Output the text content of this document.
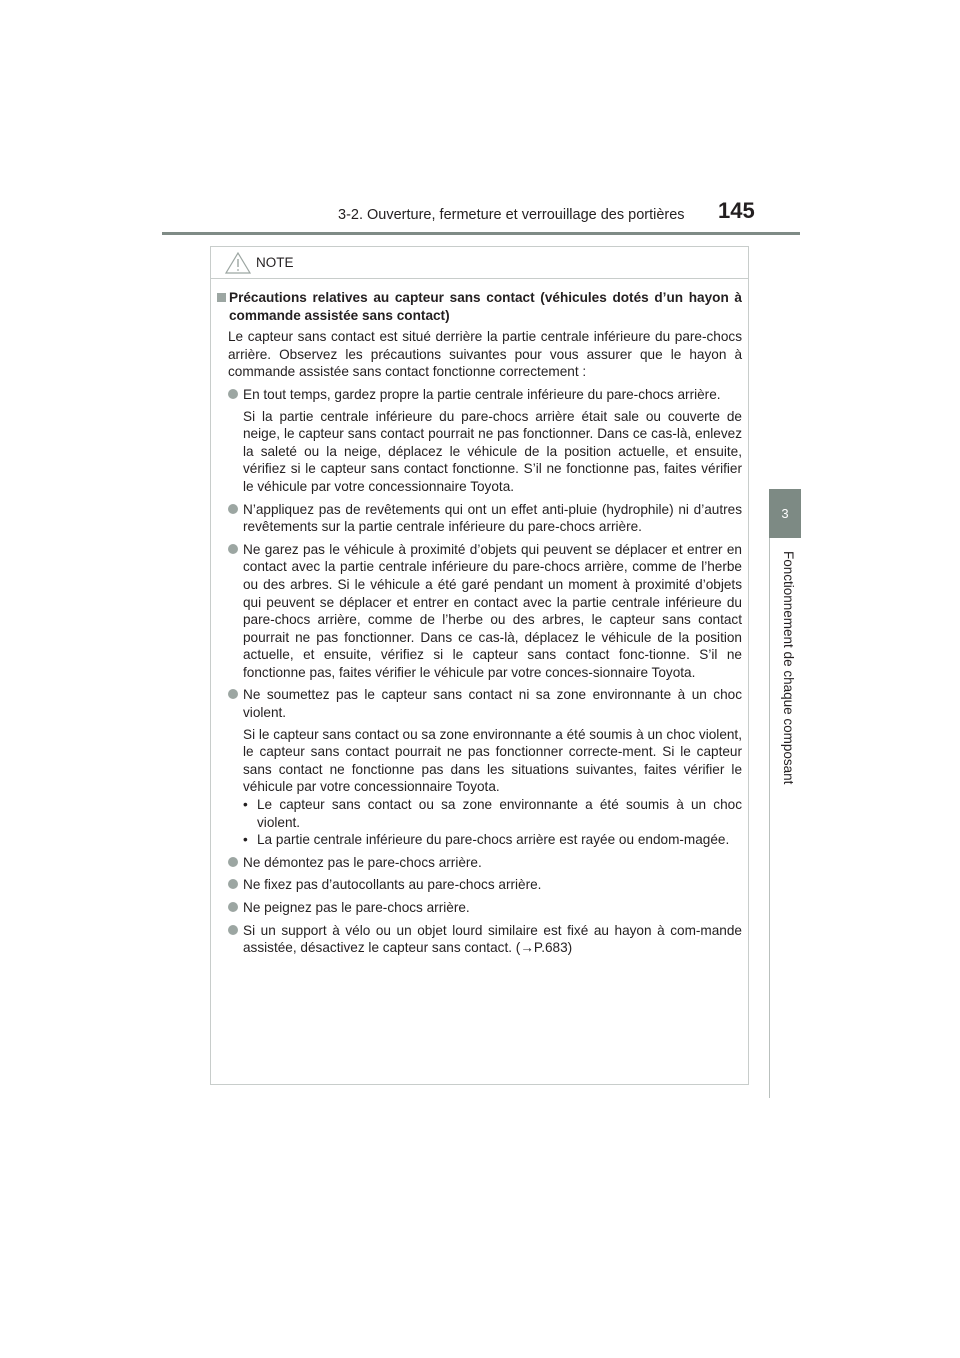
3-2. Ouverture, fermeture et verrouillage des portières 145
3
Fonctionnement de chaque composant
NOTE
Précautions relatives au capteur sans contact (véhicules dotés d’un hayon à commande assistée sans contact)
Le capteur sans contact est situé derrière la partie centrale inférieure du pare-chocs arrière. Observez les précautions suivantes pour vous assurer que le hayon à commande assistée sans contact fonctionne correctement :
En tout temps, gardez propre la partie centrale inférieure du pare-chocs arrière.
Si la partie centrale inférieure du pare-chocs arrière était sale ou couverte de neige, le capteur sans contact pourrait ne pas fonctionner. Dans ce cas-là, enlevez la saleté ou la neige, déplacez le véhicule de la position actuelle, et ensuite, vérifiez si le capteur sans contact fonctionne. S’il ne fonctionne pas, faites vérifier le véhicule par votre concessionnaire Toyota.
N’appliquez pas de revêtements qui ont un effet anti-pluie (hydrophile) ni d’autres revêtements sur la partie centrale inférieure du pare-chocs arrière.
Ne garez pas le véhicule à proximité d’objets qui peuvent se déplacer et entrer en contact avec la partie centrale inférieure du pare-chocs arrière, comme de l’herbe ou des arbres. Si le véhicule a été garé pendant un moment à proximité d’objets qui peuvent se déplacer et entrer en contact avec la partie centrale inférieure du pare-chocs arrière, comme de l’herbe ou des arbres, le capteur sans contact pourrait ne pas fonctionner. Dans ce cas-là, déplacez le véhicule de la position actuelle, et ensuite, vérifiez si le capteur sans contact fonc-tionne. S’il ne fonctionne pas, faites vérifier le véhicule par votre conces-sionnaire Toyota.
Ne soumettez pas le capteur sans contact ni sa zone environnante à un choc violent.
Si le capteur sans contact ou sa zone environnante a été soumis à un choc violent, le capteur sans contact pourrait ne pas fonctionner correcte-ment. Si le capteur sans contact ne fonctionne pas dans les situations suivantes, faites vérifier le véhicule par votre concessionnaire Toyota.
• Le capteur sans contact ou sa zone environnante a été soumis à un choc violent.
• La partie centrale inférieure du pare-chocs arrière est rayée ou endom-magée.
Ne démontez pas le pare-chocs arrière.
Ne fixez pas d’autocollants au pare-chocs arrière.
Ne peignez pas le pare-chocs arrière.
Si un support à vélo ou un objet lourd similaire est fixé au hayon à com-mande assistée, désactivez le capteur sans contact. (→P.683)
